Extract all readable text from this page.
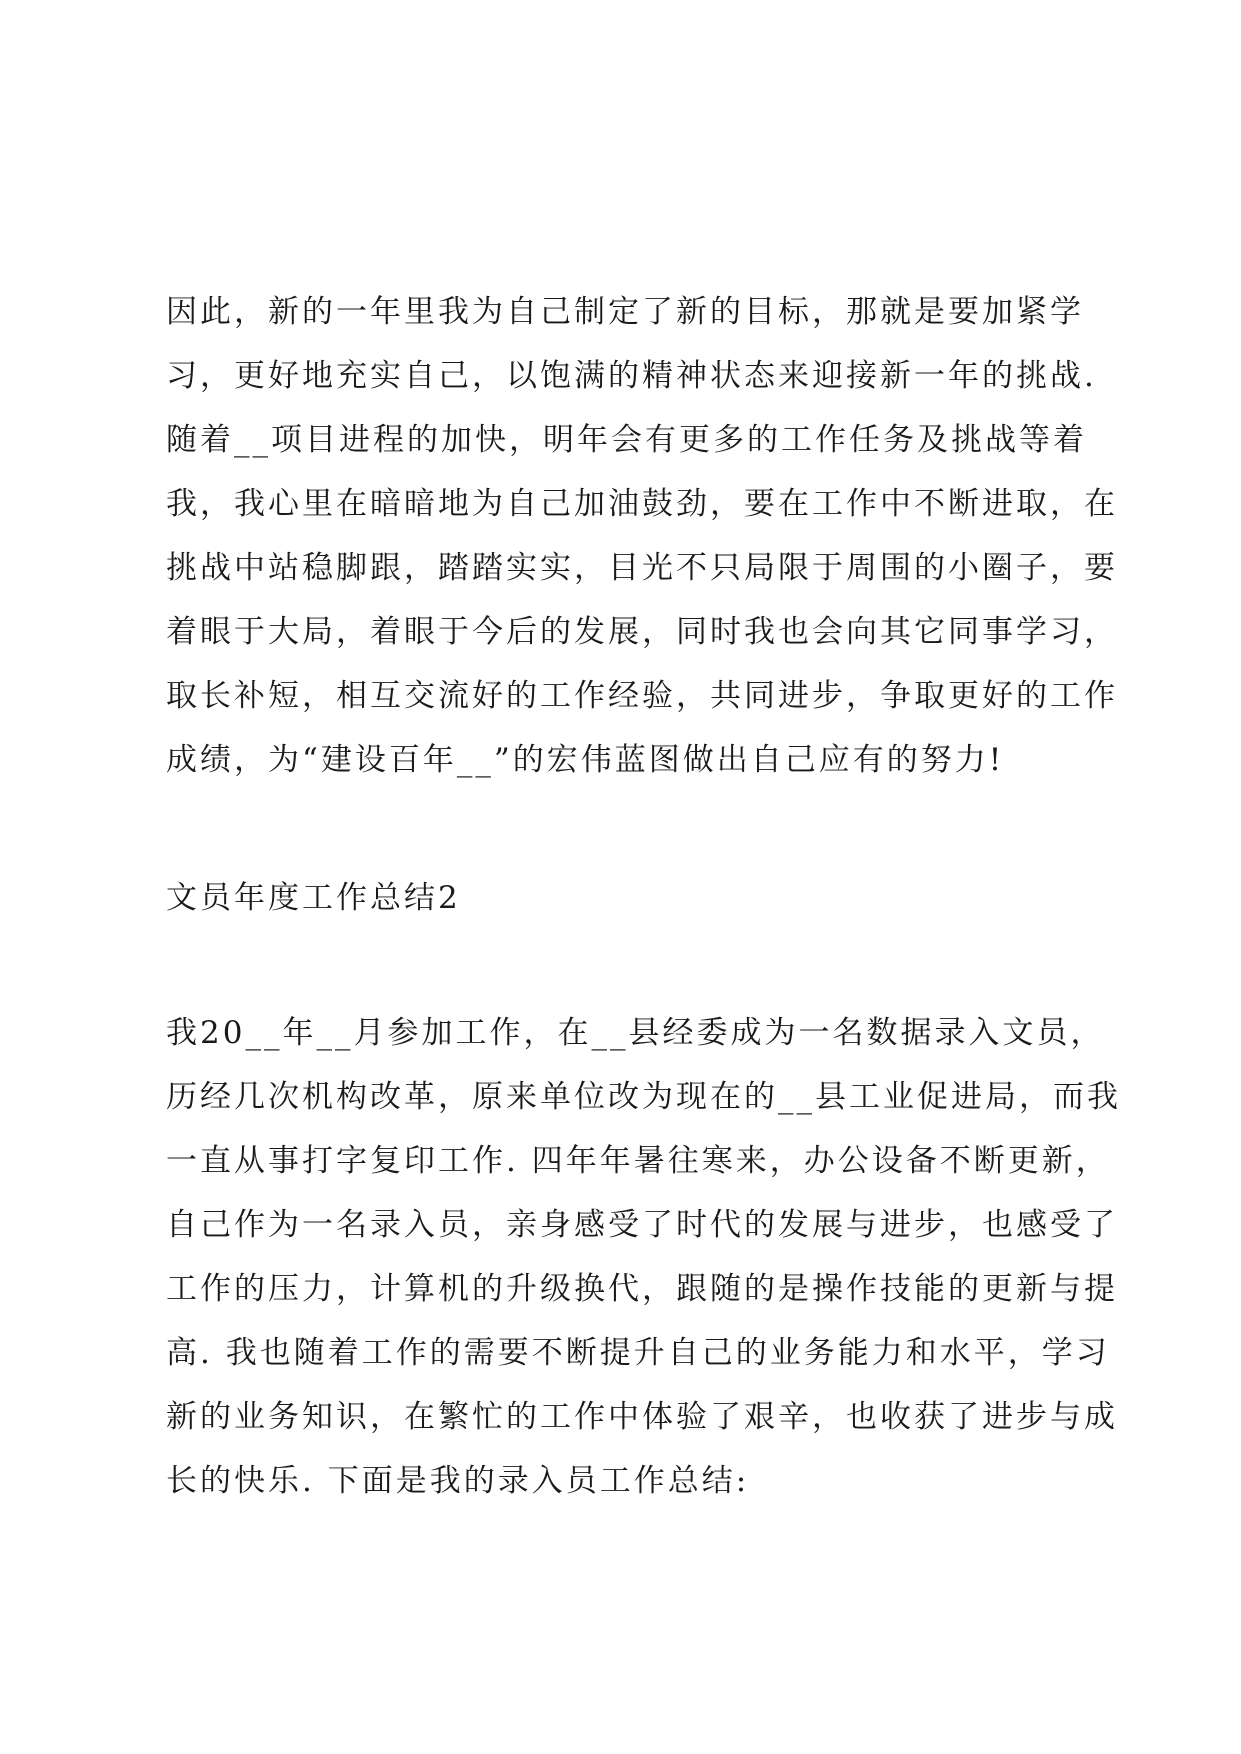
因此，新的一年里我为自己制定了新的目标，那就是要加紧学
习，更好地充实自己，以饱满的精神状态来迎接新一年的挑战.
随着__项目进程的加快，明年会有更多的工作任务及挑战等着
我，我心里在暗暗地为自己加油鼓劲，要在工作中不断进取，在
挑战中站稳脚跟，踏踏实实，目光不只局限于周围的小圈子，要
着眼于大局，着眼于今后的发展，同时我也会向其它同事学习，
取长补短，相互交流好的工作经验，共同进步，争取更好的工作
成绩，为“建设百年__”的宏伟蓝图做出自己应有的努力!
文员年度工作总结2
我20__年__月参加工作，在__县经委成为一名数据录入文员，
历经几次机构改革，原来单位改为现在的__县工业促进局，而我
一直从事打字复印工作. 四年年暑往寒来，办公设备不断更新，
自己作为一名录入员，亲身感受了时代的发展与进步，也感受了
工作的压力，计算机的升级换代，跟随的是操作技能的更新与提
高. 我也随着工作的需要不断提升自己的业务能力和水平，学习
新的业务知识，在繁忙的工作中体验了艰辛，也收获了进步与成
长的快乐. 下面是我的录入员工作总结:
